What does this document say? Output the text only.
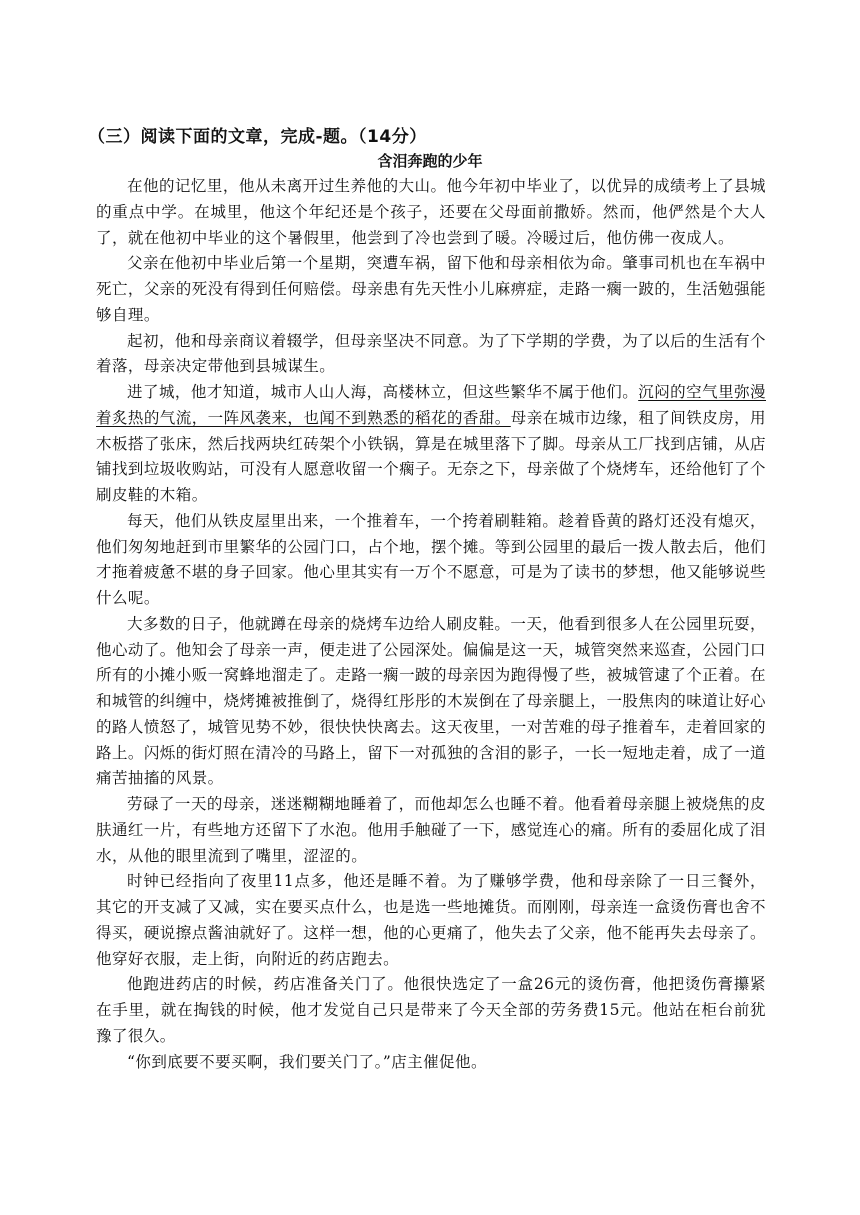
（三）阅读下面的文章，完成-题。（14分）
含泪奔跑的少年

在他的记忆里，他从未离开过生养他的大山。他今年初中毕业了，以优异的成绩考上了县城的重点中学。在城里，他这个年纪还是个孩子，还要在父母面前撒娇。然而，他俨然是个大人了，就在他初中毕业的这个暑假里，他尝到了冷也尝到了暖。冷暖过后，他仿佛一夜成人。

父亲在他初中毕业后第一个星期，突遭车祸，留下他和母亲相依为命。肇事司机也在车祸中死亡，父亲的死没有得到任何赔偿。母亲患有先天性小儿麻痹症，走路一瘸一跛的，生活勉强能够自理。

起初，他和母亲商议着辍学，但母亲坚决不同意。为了下学期的学费，为了以后的生活有个着落，母亲决定带他到县城谋生。

进了城，他才知道，城市人山人海，高楼林立，但这些繁华不属于他们。沉闷的空气里弥漫着炙热的气流，一阵风袭来，也闻不到熟悉的稻花的香甜。母亲在城市边缘，租了间铁皮房，用木板搭了张床，然后找两块红砖架个小铁锅，算是在城里落下了脚。母亲从工厂找到店铺，从店铺找到垃圾收购站，可没有人愿意收留一个瘸子。无奈之下，母亲做了个烧烤车，还给他钉了个刷皮鞋的木箱。

每天，他们从铁皮屋里出来，一个推着车，一个挎着刷鞋箱。趁着昏黄的路灯还没有熄灭，他们匆匆地赶到市里繁华的公园门口，占个地，摆个摊。等到公园里的最后一拨人散去后，他们才拖着疲惫不堪的身子回家。他心里其实有一万个不愿意，可是为了读书的梦想，他又能够说些什么呢。

大多数的日子，他就蹲在母亲的烧烤车边给人刷皮鞋。一天，他看到很多人在公园里玩耍，他心动了。他知会了母亲一声，便走进了公园深处。偏偏是这一天，城管突然来巡查，公园门口所有的小摊小贩一窝蜂地溜走了。走路一瘸一跛的母亲因为跑得慢了些，被城管逮了个正着。在和城管的纠缠中，烧烤摊被推倒了，烧得红彤彤的木炭倒在了母亲腿上，一股焦肉的味道让好心的路人愤怒了，城管见势不妙，很快快快离去。这天夜里，一对苦难的母子推着车，走着回家的路上。闪烁的街灯照在清冷的马路上，留下一对孤独的含泪的影子，一长一短地走着，成了一道痛苦抽搐的风景。

劳碌了一天的母亲，迷迷糊糊地睡着了，而他却怎么也睡不着。他看着母亲腿上被烧焦的皮肤通红一片，有些地方还留下了水泡。他用手触碰了一下，感觉连心的痛。所有的委屈化成了泪水，从他的眼里流到了嘴里，涩涩的。

时钟已经指向了夜里11点多，他还是睡不着。为了赚够学费，他和母亲除了一日三餐外，其它的开支减了又减，实在要买点什么，也是选一些地摊货。而刚刚，母亲连一盒烫伤膏也舍不得买，硬说擦点酱油就好了。这样一想，他的心更痛了，他失去了父亲，他不能再失去母亲了。他穿好衣服，走上街，向附近的药店跑去。

他跑进药店的时候，药店准备关门了。他很快选定了一盒26元的烫伤膏，他把烫伤膏攥紧在手里，就在掏钱的时候，他才发觉自己只是带来了今天全部的劳务费15元。他站在柜台前犹豫了很久。

“你到底要不要买啊，我们要关门了。”店主催促他。
